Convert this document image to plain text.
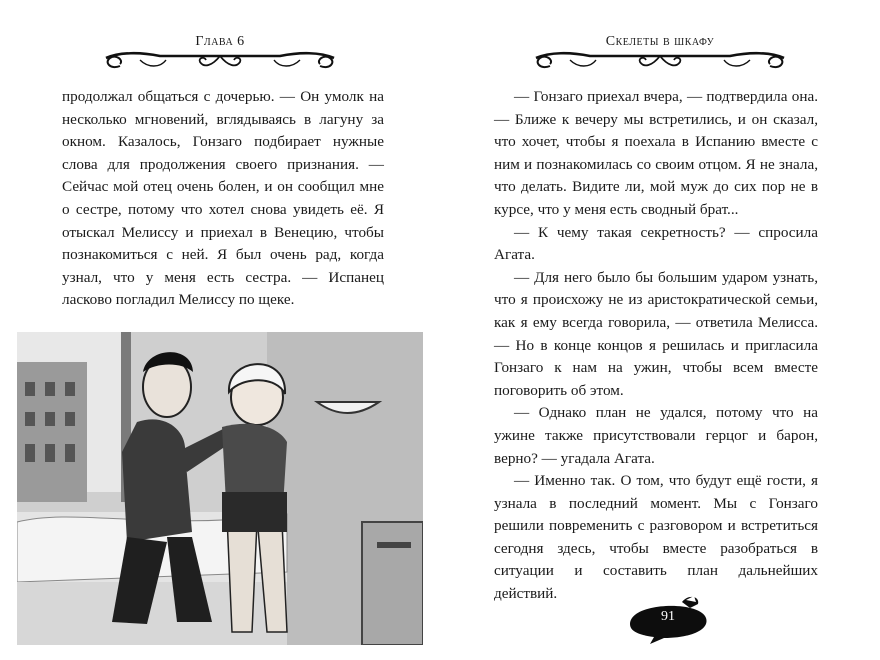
Глава 6

продолжал общаться с дочерью. — Он умолк на несколько мгновений, вглядываясь в лагуну за окном. Казалось, Гонзаго подбирает нужные слова для продолжения своего признания. — Сейчас мой отец очень болен, и он сообщил мне о сестре, потому что хотел снова увидеть её. Я отыскал Мелиссу и приехал в Венецию, чтобы познакомиться с ней. Я был очень рад, когда узнал, что у меня есть сестра. — Испанец ласково погладил Мелиссу по щеке.

Скелеты в шкафу

— Гонзаго приехал вчера, — подтвердила она. — Ближе к вечеру мы встретились, и он сказал, что хочет, чтобы я поехала в Испанию вместе с ним и познакомилась со своим отцом. Я не знала, что делать. Видите ли, мой муж до сих пор не в курсе, что у меня есть сводный брат...

— К чему такая секретность? — спросила Агата.

— Для него было бы большим ударом узнать, что я происхожу не из аристократической семьи, как я ему всегда говорила, — ответила Мелисса. — Но в конце концов я решилась и пригласила Гонзаго к нам на ужин, чтобы всем вместе поговорить об этом.

— Однако план не удался, потому что на ужине также присутствовали герцог и барон, верно? — угадала Агата.

— Именно так. О том, что будут ещё гости, я узнала в последний момент. Мы с Гонзаго решили повременить с разговором и встретиться сегодня здесь, чтобы вместе разобраться в ситуации и составить план дальнейших действий.

91
